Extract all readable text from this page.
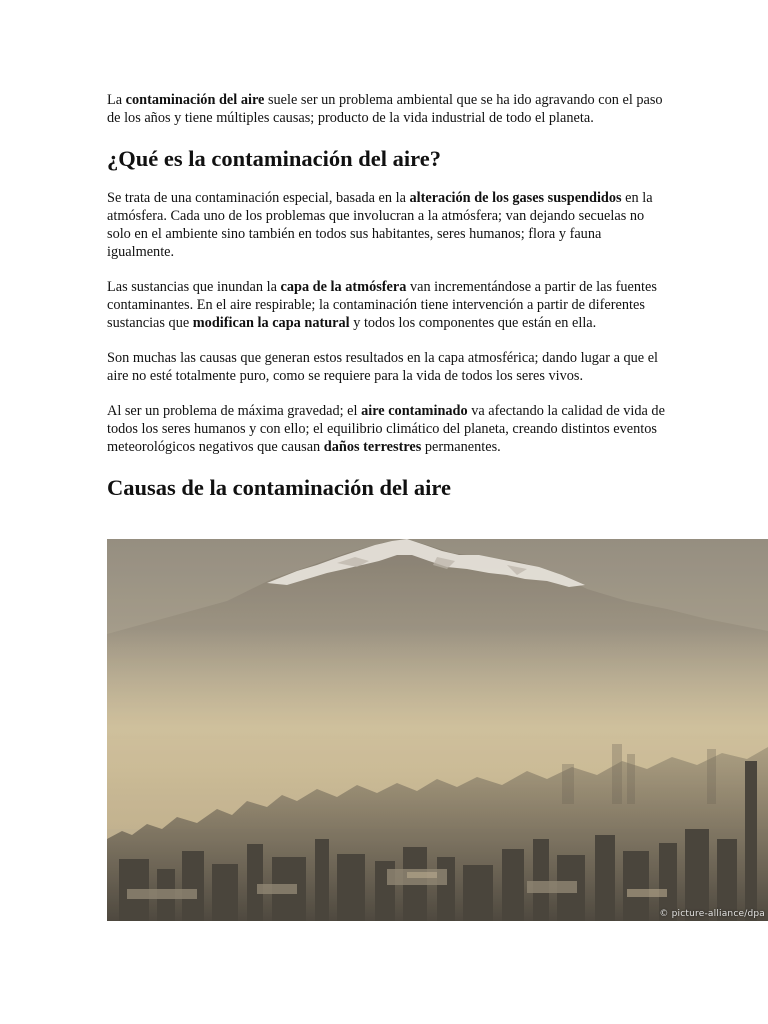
La contaminación del aire suele ser un problema ambiental que se ha ido agravando con el paso de los años y tiene múltiples causas; producto de la vida industrial de todo el planeta.

¿Qué es la contaminación del aire?

Se trata de una contaminación especial, basada en la alteración de los gases suspendidos en la atmósfera. Cada uno de los problemas que involucran a la atmósfera; van dejando secuelas no solo en el ambiente sino también en todos sus habitantes, seres humanos; flora y fauna igualmente.

Las sustancias que inundan la capa de la atmósfera van incrementándose a partir de las fuentes contaminantes. En el aire respirable; la contaminación tiene intervención a partir de diferentes sustancias que modifican la capa natural y todos los componentes que están en ella.

Son muchas las causas que generan estos resultados en la capa atmosférica; dando lugar a que el aire no esté totalmente puro, como se requiere para la vida de todos los seres vivos.

Al ser un problema de máxima gravedad; el aire contaminado va afectando la calidad de vida de todos los seres humanos y con ello; el equilibrio climático del planeta, creando distintos eventos meteorológicos negativos que causan daños terrestres permanentes.

Causas de la contaminación del aire
© picture-alliance/dpa
